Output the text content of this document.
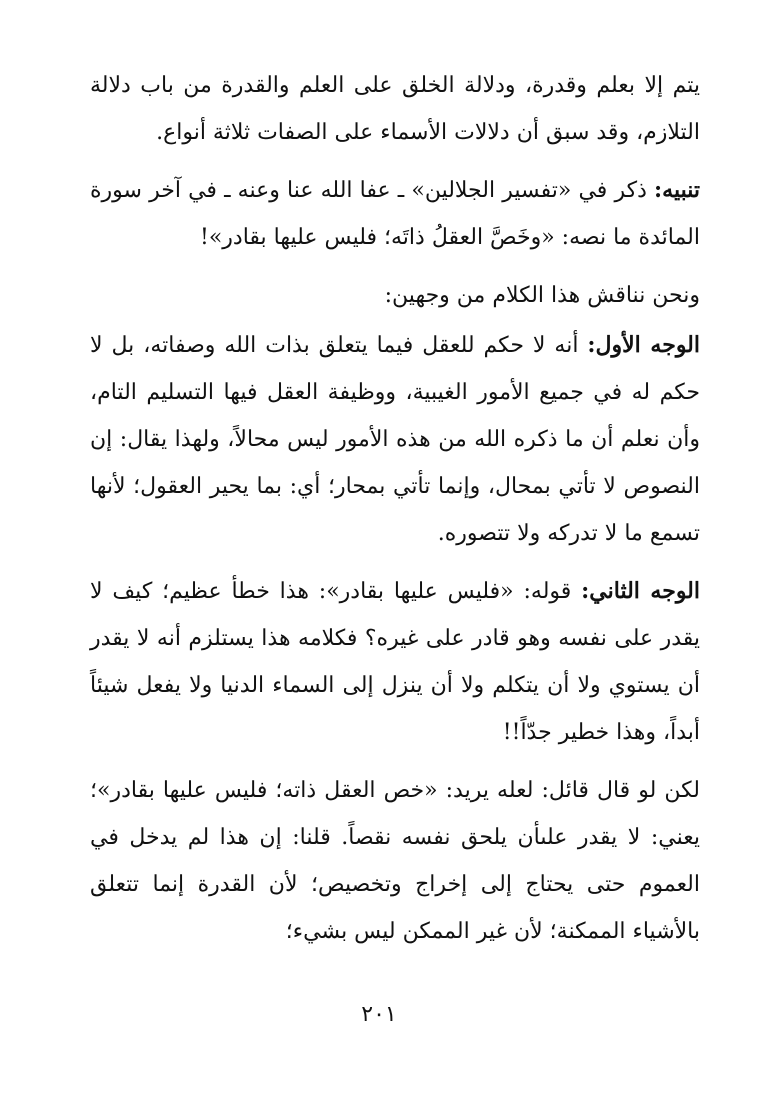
يتم إلا بعلم وقدرة، ودلالة الخلق على العلم والقدرة من باب دلالة التلازم، وقد سبق أن دلالات الأسماء على الصفات ثلاثة أنواع.

تنبيه: ذكر في «تفسير الجلالين» ـ عفا الله عنا وعنه ـ في آخر سورة المائدة ما نصه: «وخَصَّ العقلُ ذاتَه؛ فليس عليها بقادر»!

ونحن نناقش هذا الكلام من وجهين:

الوجه الأول: أنه لا حكم للعقل فيما يتعلق بذات الله وصفاته، بل لا حكم له في جميع الأمور الغيبية، ووظيفة العقل فيها التسليم التام، وأن نعلم أن ما ذكره الله من هذه الأمور ليس محالاً، ولهذا يقال: إن النصوص لا تأتي بمحال، وإنما تأتي بمحار؛ أي: بما يحير العقول؛ لأنها تسمع ما لا تدركه ولا تتصوره.

الوجه الثاني: قوله: «فليس عليها بقادر»: هذا خطأ عظيم؛ كيف لا يقدر على نفسه وهو قادر على غيره؟ فكلامه هذا يستلزم أنه لا يقدر أن يستوي ولا أن يتكلم ولا أن ينزل إلى السماء الدنيا ولا يفعل شيئاً أبداً، وهذا خطير جدّاً!!

لكن لو قال قائل: لعله يريد: «خص العقل ذاته؛ فليس عليها بقادر»؛ يعني: لا يقدر علىأن يلحق نفسه نقصاً. قلنا: إن هذا لم يدخل في العموم حتى يحتاج إلى إخراج وتخصيص؛ لأن القدرة إنما تتعلق بالأشياء الممكنة؛ لأن غير الممكن ليس بشيء؛

٢٠١
